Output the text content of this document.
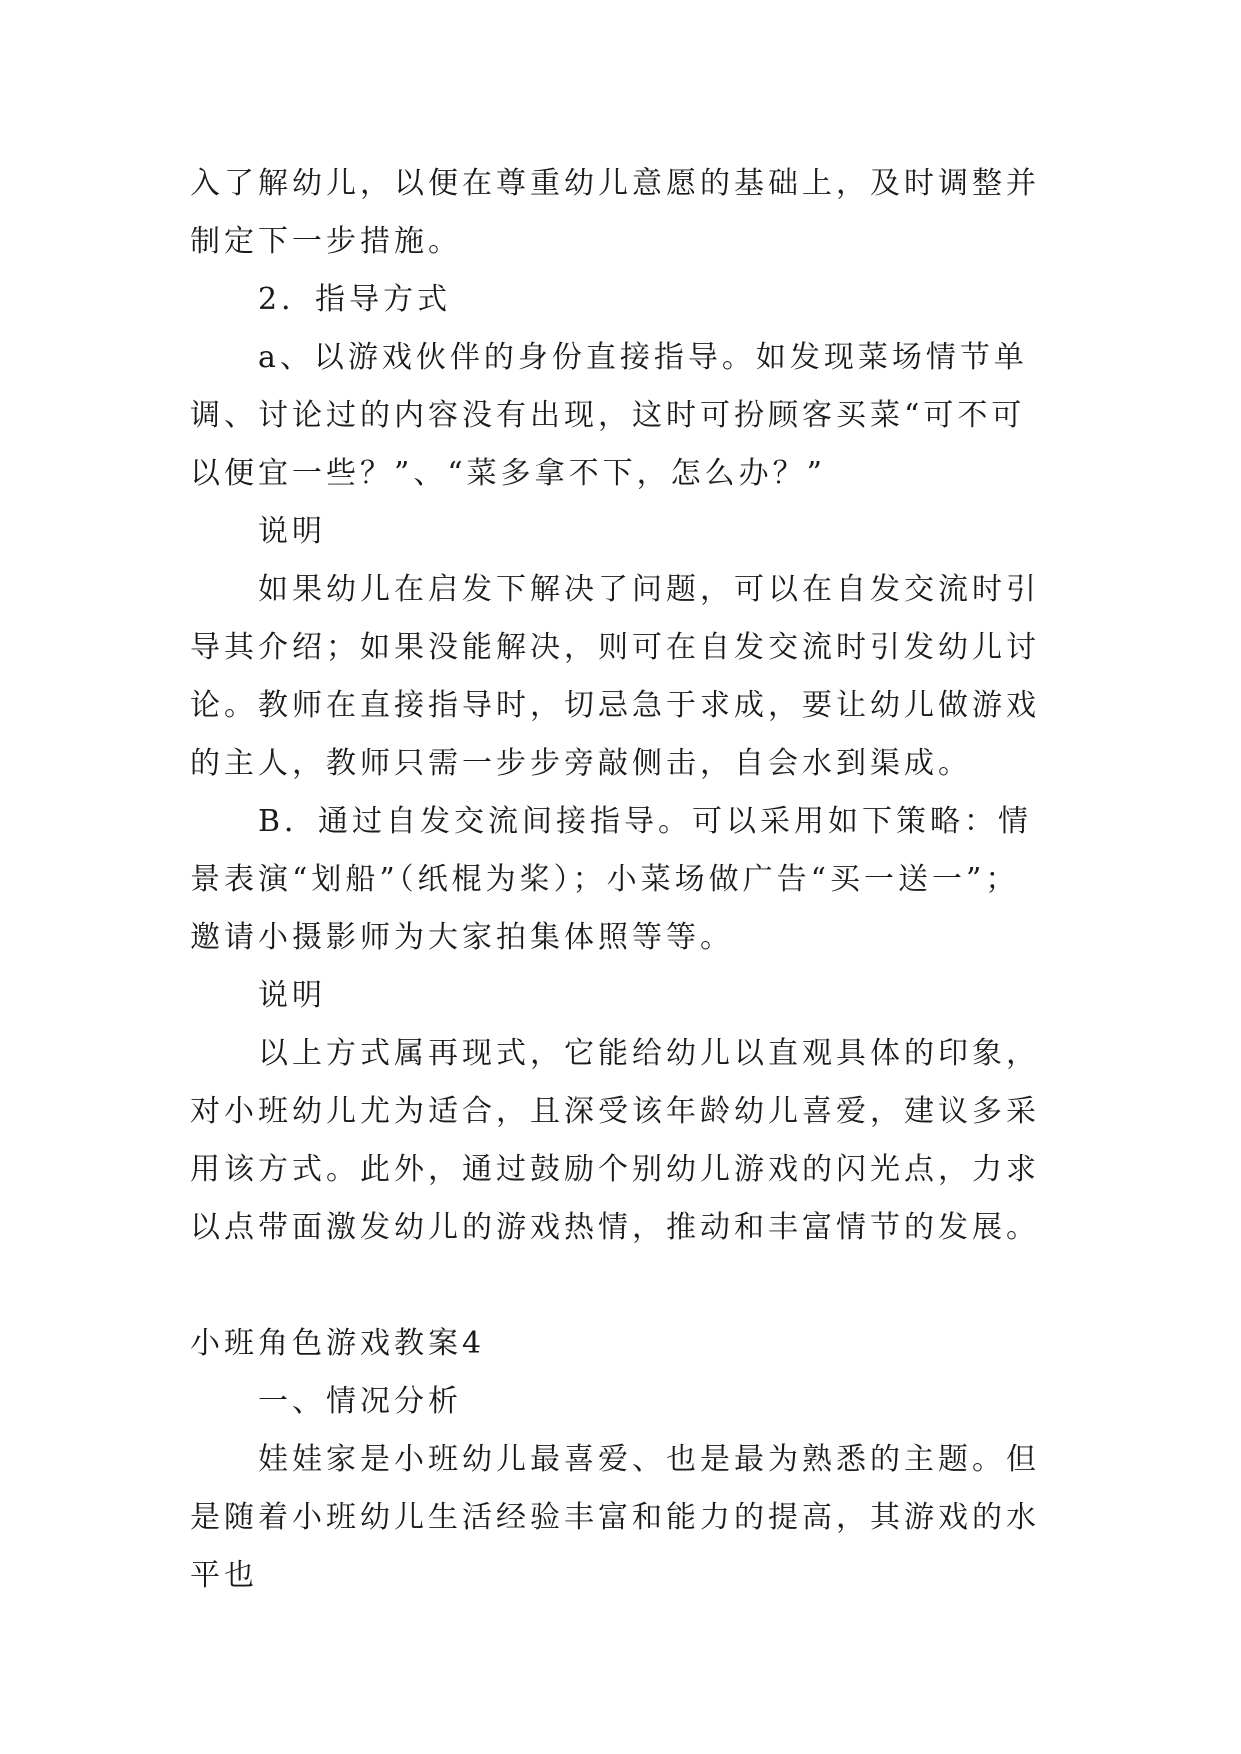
入了解幼儿，以便在尊重幼儿意愿的基础上，及时调整并制定下一步措施。

2．指导方式

a、以游戏伙伴的身份直接指导。如发现菜场情节单调、讨论过的内容没有出现，这时可扮顾客买菜“可不可以便宜一些？”、“菜多拿不下，怎么办？”

说明

如果幼儿在启发下解决了问题，可以在自发交流时引导其介绍；如果没能解决，则可在自发交流时引发幼儿讨论。教师在直接指导时，切忌急于求成，要让幼儿做游戏的主人，教师只需一步步旁敲侧击，自会水到渠成。

B．通过自发交流间接指导。可以采用如下策略：情景表演“划船”（纸棍为桨）；小菜场做广告“买一送一”；邀请小摄影师为大家拍集体照等等。

说明

以上方式属再现式，它能给幼儿以直观具体的印象，对小班幼儿尤为适合，且深受该年龄幼儿喜爱，建议多采用该方式。此外，通过鼓励个别幼儿游戏的闪光点，力求以点带面激发幼儿的游戏热情，推动和丰富情节的发展。

小班角色游戏教案4

一、情况分析

娃娃家是小班幼儿最喜爱、也是最为熟悉的主题。但是随着小班幼儿生活经验丰富和能力的提高，其游戏的水平也
